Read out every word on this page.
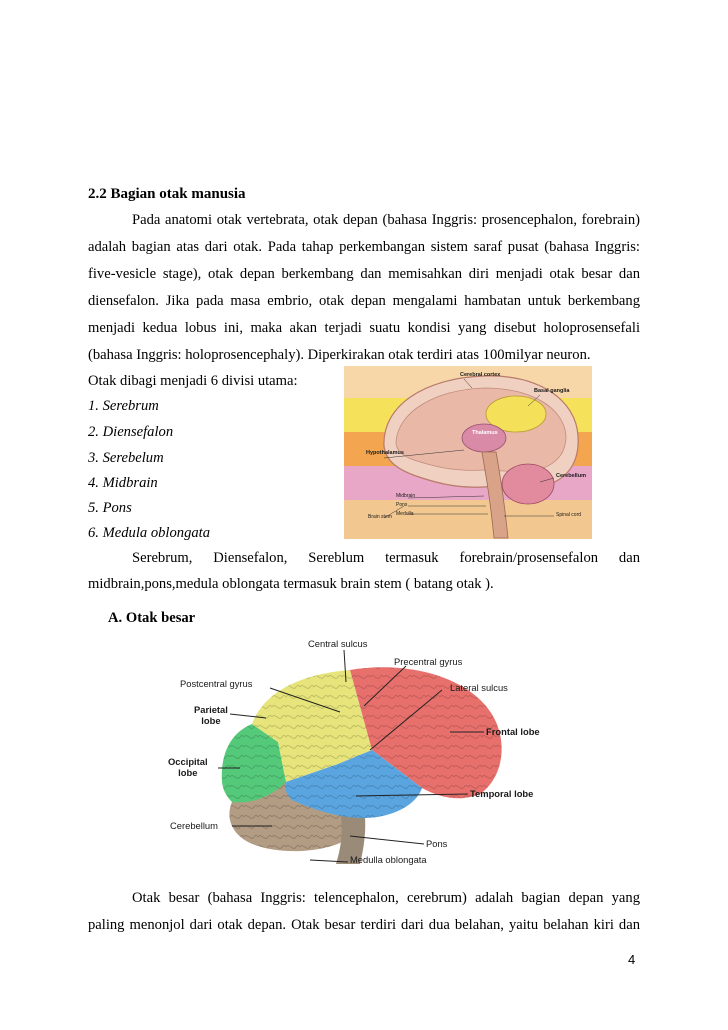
2.2 Bagian otak manusia
Pada anatomi otak vertebrata, otak depan (bahasa Inggris: prosencephalon, forebrain)
adalah bagian atas dari otak. Pada tahap perkembangan sistem saraf pusat (bahasa Inggris:
five-vesicle stage), otak depan berkembang dan memisahkan diri menjadi otak besar dan
diensefalon. Jika pada masa embrio, otak depan mengalami hambatan untuk berkembang
menjadi kedua lobus ini, maka akan terjadi suatu kondisi yang disebut holoprosensefali
(bahasa Inggris: holoprosencephaly). Diperkirakan otak terdiri atas 100milyar neuron.
Otak dibagi menjadi 6 divisi utama:
1. Serebrum
2. Diensefalon
3. Serebelum
4. Midbrain
5. Pons
6. Medula oblongata
Cerebral cortex
Basal ganglia
Thalamus
Hypothalamus
Midbrain
Pons
Cerebellum
Brain stem Medulla	Spinal cord
Serebrum, Diensefalon, Sereblum termasuk forebrain/prosensefalon dan
midbrain,pons,medula oblongata termasuk brain stem ( batang otak ).
A. Otak besar
Central sulcus
Precentral gyrus
Postcentral gyrus	Lateral sulcus
Parietal
lobe
Frontal lobe
Occipital
lobe
Temporal lobe
Cerebellum
Pons
Medulla oblongata
Otak besar (bahasa Inggris: telencephalon, cerebrum) adalah bagian depan yang
paling menonjol dari otak depan. Otak besar terdiri dari dua belahan, yaitu belahan kiri dan
4
